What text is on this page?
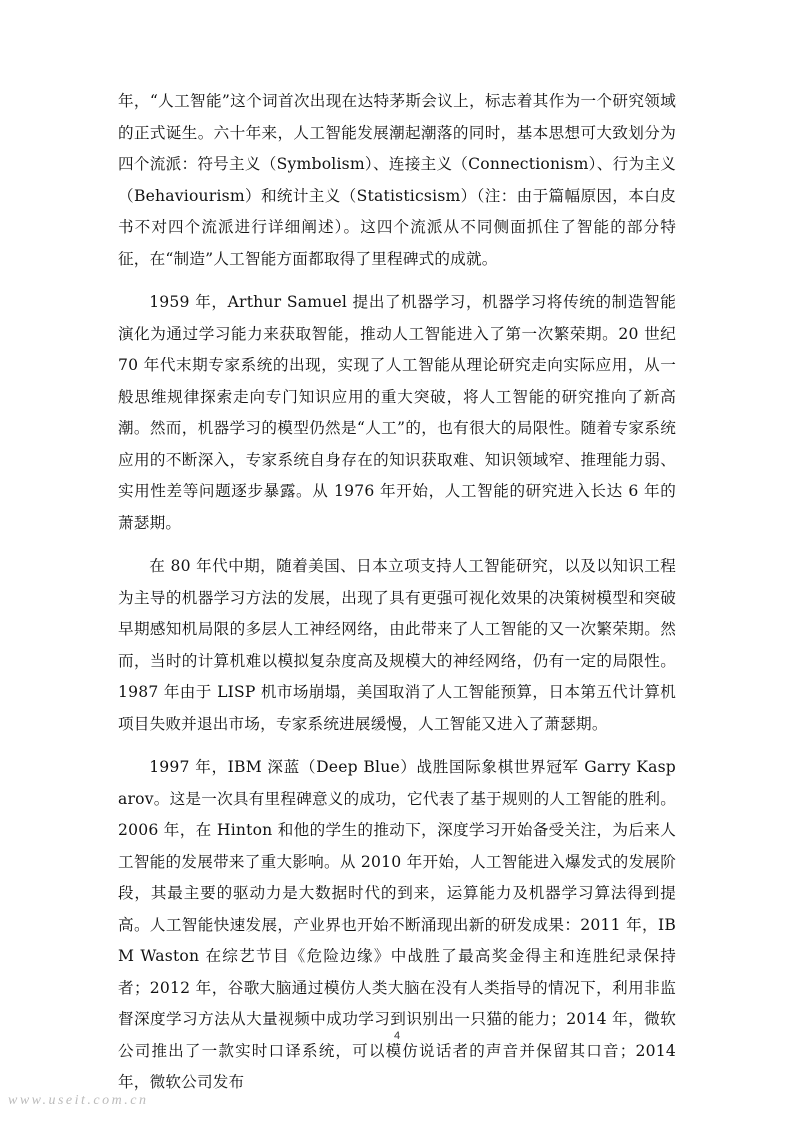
年，“人工智能”这个词首次出现在达特茅斯会议上，标志着其作为一个研究领域的正式诞生。六十年来，人工智能发展潮起潮落的同时，基本思想可大致划分为四个流派：符号主义（Symbolism）、连接主义（Connectionism）、行为主义（Behaviourism）和统计主义（Statisticsism）（注：由于篇幅原因，本白皮书不对四个流派进行详细阐述）。这四个流派从不同侧面抓住了智能的部分特征，在“制造”人工智能方面都取得了里程碑式的成就。

1959 年，Arthur Samuel 提出了机器学习，机器学习将传统的制造智能演化为通过学习能力来获取智能，推动人工智能进入了第一次繁荣期。20 世纪 70 年代末期专家系统的出现，实现了人工智能从理论研究走向实际应用，从一般思维规律探索走向专门知识应用的重大突破，将人工智能的研究推向了新高潮。然而，机器学习的模型仍然是“人工”的，也有很大的局限性。随着专家系统应用的不断深入，专家系统自身存在的知识获取难、知识领域窄、推理能力弱、实用性差等问题逐步暴露。从 1976 年开始，人工智能的研究进入长达 6 年的萧瑟期。

在 80 年代中期，随着美国、日本立项支持人工智能研究，以及以知识工程为主导的机器学习方法的发展，出现了具有更强可视化效果的决策树模型和突破早期感知机局限的多层人工神经网络，由此带来了人工智能的又一次繁荣期。然而，当时的计算机难以模拟复杂度高及规模大的神经网络，仍有一定的局限性。1987 年由于 LISP 机市场崩塌，美国取消了人工智能预算，日本第五代计算机项目失败并退出市场，专家系统进展缓慢，人工智能又进入了萧瑟期。

1997 年，IBM 深蓝（Deep Blue）战胜国际象棋世界冠军 Garry Kasparov。这是一次具有里程碑意义的成功，它代表了基于规则的人工智能的胜利。2006 年，在 Hinton 和他的学生的推动下，深度学习开始备受关注，为后来人工智能的发展带来了重大影响。从 2010 年开始，人工智能进入爆发式的发展阶段，其最主要的驱动力是大数据时代的到来，运算能力及机器学习算法得到提高。人工智能快速发展，产业界也开始不断涌现出新的研发成果：2011 年，IBM Waston 在综艺节目《危险边缘》中战胜了最高奖金得主和连胜纪录保持者；2012 年，谷歌大脑通过模仿人类大脑在没有人类指导的情况下，利用非监督深度学习方法从大量视频中成功学习到识别出一只猫的能力；2014 年，微软公司推出了一款实时口译系统，可以模仿说话者的声音并保留其口音；2014 年，微软公司发布

4
www.useit.com.cn
